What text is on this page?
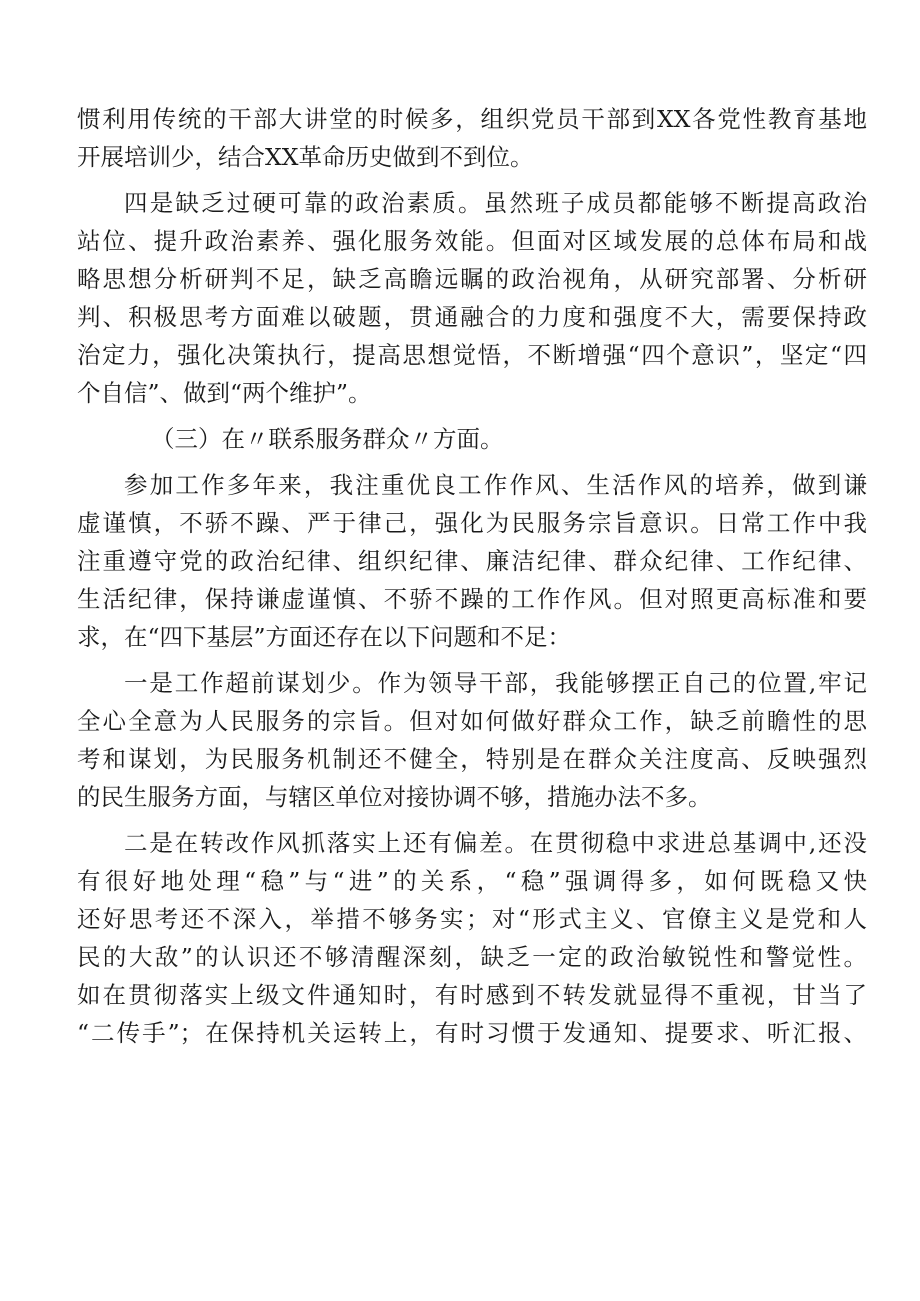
惯利用传统的干部大讲堂的时候多，组织党员干部到XX各党性教育基地
开展培训少，结合XX革命历史做到不到位。
四是缺乏过硬可靠的政治素质。虽然班子成员都能够不断提高政治
站位、提升政治素养、强化服务效能。但面对区域发展的总体布局和战
略思想分析研判不足，缺乏高瞻远瞩的政治视角，从研究部署、分析研
判、积极思考方面难以破题，贯通融合的力度和强度不大，需要保持政
治定力，强化决策执行，提高思想觉悟，不断增强“四个意识”，坚定“四
个自信”、做到“两个维护”。
（三）在〃联系服务群众〃方面。
参加工作多年来，我注重优良工作作风、生活作风的培养，做到谦
虚谨慎，不骄不躁、严于律己，强化为民服务宗旨意识。日常工作中我
注重遵守党的政治纪律、组织纪律、廉洁纪律、群众纪律、工作纪律、
生活纪律，保持谦虚谨慎、不骄不躁的工作作风。但对照更高标准和要
求，在“四下基层”方面还存在以下问题和不足：
一是工作超前谋划少。作为领导干部，我能够摆正自己的位置,牢记
全心全意为人民服务的宗旨。但对如何做好群众工作，缺乏前瞻性的思
考和谋划，为民服务机制还不健全，特别是在群众关注度高、反映强烈
的民生服务方面，与辖区单位对接协调不够，措施办法不多。
二是在转改作风抓落实上还有偏差。在贯彻稳中求进总基调中,还没
有很好地处理“稳”与“进”的关系，“稳”强调得多，如何既稳又快
还好思考还不深入，举措不够务实；对“形式主义、官僚主义是党和人
民的大敌”的认识还不够清醒深刻，缺乏一定的政治敏锐性和警觉性。
如在贯彻落实上级文件通知时，有时感到不转发就显得不重视，甘当了
“二传手”；在保持机关运转上，有时习惯于发通知、提要求、听汇报、
